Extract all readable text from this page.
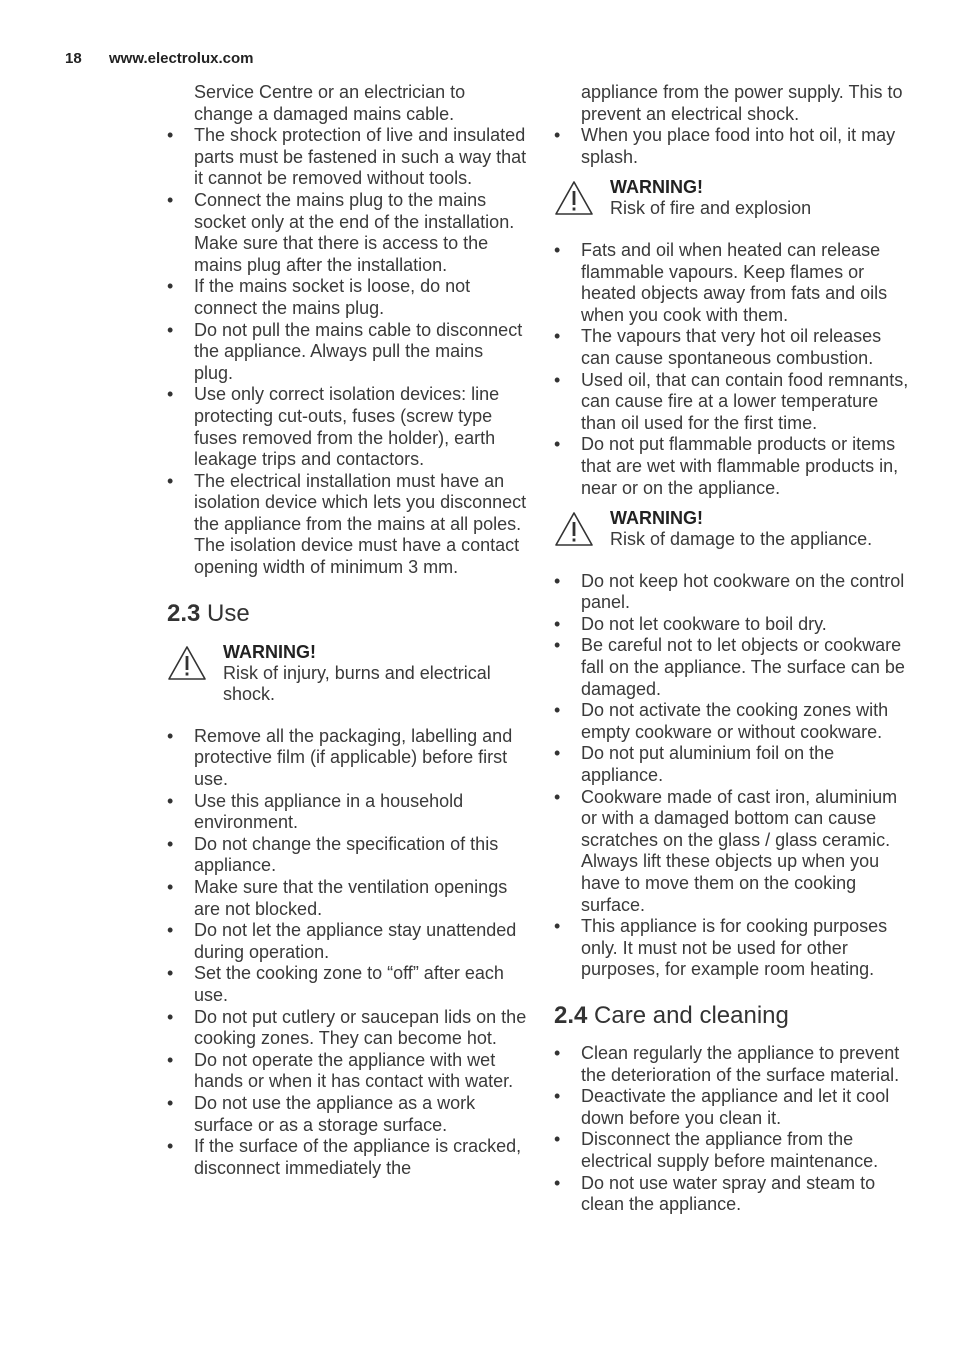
18 www.electrolux.com

Service Centre or an electrician to change a damaged mains cable.

• The shock protection of live and insulated parts must be fastened in such a way that it cannot be removed without tools.
• Connect the mains plug to the mains socket only at the end of the installation. Make sure that there is access to the mains plug after the installation.
• If the mains socket is loose, do not connect the mains plug.
• Do not pull the mains cable to disconnect the appliance. Always pull the mains plug.
• Use only correct isolation devices: line protecting cut-outs, fuses (screw type fuses removed from the holder), earth leakage trips and contactors.
• The electrical installation must have an isolation device which lets you disconnect the appliance from the mains at all poles. The isolation device must have a contact opening width of minimum 3 mm.
2.3 Use
WARNING!
Risk of injury, burns and electrical shock.
• Remove all the packaging, labelling and protective film (if applicable) before first use.
• Use this appliance in a household environment.
• Do not change the specification of this appliance.
• Make sure that the ventilation openings are not blocked.
• Do not let the appliance stay unattended during operation.
• Set the cooking zone to “off” after each use.
• Do not put cutlery or saucepan lids on the cooking zones. They can become hot.
• Do not operate the appliance with wet hands or when it has contact with water.
• Do not use the appliance as a work surface or as a storage surface.
• If the surface of the appliance is cracked, disconnect immediately the

appliance from the power supply. This to prevent an electrical shock.

• When you place food into hot oil, it may splash.
WARNING!
Risk of fire and explosion
• Fats and oil when heated can release flammable vapours. Keep flames or heated objects away from fats and oils when you cook with them.
• The vapours that very hot oil releases can cause spontaneous combustion.
• Used oil, that can contain food remnants, can cause fire at a lower temperature than oil used for the first time.
• Do not put flammable products or items that are wet with flammable products in, near or on the appliance.
WARNING!
Risk of damage to the appliance.
• Do not keep hot cookware on the control panel.
• Do not let cookware to boil dry.
• Be careful not to let objects or cookware fall on the appliance. The surface can be damaged.
• Do not activate the cooking zones with empty cookware or without cookware.
• Do not put aluminium foil on the appliance.
• Cookware made of cast iron, aluminium or with a damaged bottom can cause scratches on the glass / glass ceramic. Always lift these objects up when you have to move them on the cooking surface.
• This appliance is for cooking purposes only. It must not be used for other purposes, for example room heating.
2.4 Care and cleaning
• Clean regularly the appliance to prevent the deterioration of the surface material.
• Deactivate the appliance and let it cool down before you clean it.
• Disconnect the appliance from the electrical supply before maintenance.
• Do not use water spray and steam to clean the appliance.
